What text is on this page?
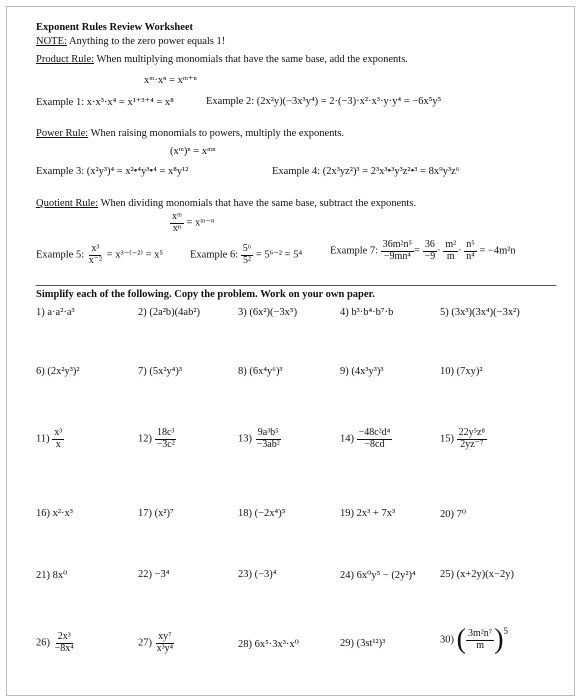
Exponent Rules Review Worksheet
NOTE: Anything to the zero power equals 1!
Product Rule: When multiplying monomials that have the same base, add the exponents.
xᵐ·xⁿ = xᵐ⁺ⁿ
Example 1: x·x³·x⁴ = x¹⁺³⁺⁴ = x⁸	Example 2: (2x²y)(−3x³y⁴) = 2·(−3)·x²·x³·y·y⁴ = −6x⁵y⁵
Power Rule: When raising monomials to powers, multiply the exponents.
(xᵐ)ⁿ = xᵐⁿ
Example 3: (x²y³)⁴ = x²•⁴y³•⁴ = x⁸y¹²	Example 4: (2x³yz²)³ = 2³x³•³y³z²•³ = 8x⁹y³z⁶
Quotient Rule: When dividing monomials that have the same base, subtract the exponents.
$\frac{\text{xᵐ}}{\text{xⁿ}}$ = xᵐ⁻ⁿ
Example 5: $\frac{\text{x³}}{\text{x⁻²}} = x^{3-(-2)} = x^5$	Example 6: $\frac{\text{5⁶}}{\text{5²}} = 5^{6-2} = 5^4$	Example 7: $\frac{\text{36m²n⁵}}{\text{−9mn⁴}} = \frac{36}{-9} \cdot \frac{\text{m²}}{m} \cdot \frac{\text{n⁵}}{\text{n⁴}} = -4m^2n$
Simplify each of the following. Copy the problem. Work on your own paper.
1) a·a²·a³	2) (2a²b)(4ab²)	3) (6x²)(−3x⁵)	4) b³·b⁴·b⁷·b	5) (3x³)(3x⁴)(−3x²)
6) (2x²y³)²	7) (5x²y⁴)³	8) (6x⁴y⁶)³	9) (4x³y³)³	10) (7xy)²
$11) \frac{\text{x³}}{x}$	$12) \frac{\text{18c³}}{\text{−3c²}}$	$13) \frac{\text{9a³b⁵}}{\text{−3ab²}}$	$14) \frac{\text{−48c²d⁴}}{-8cd}$	$15) \frac{\text{22y⁵z⁸}}{\text{2yz⁻⁷}}$
16) x²·x³	17) (x²)⁷	18) (−2x⁴)⁵	19) 2x³ + 7x³	20) 7⁰
21) 8x⁰	22) −3⁴	23) (−3)⁴	24) 6x⁰y⁵ − (2y²)⁴ 25) (x+2y)(x−2y)
$26) \frac{\text{2x³}}{\text{−8x⁴}}$	$27) \frac{\text{xy⁷}}{\text{x³y⁴}}$	28) 6x⁵·3x³·x⁰	29) (3st¹²)³	30) ( $\frac{\text{3m²n⁷}}{m} )^5$
